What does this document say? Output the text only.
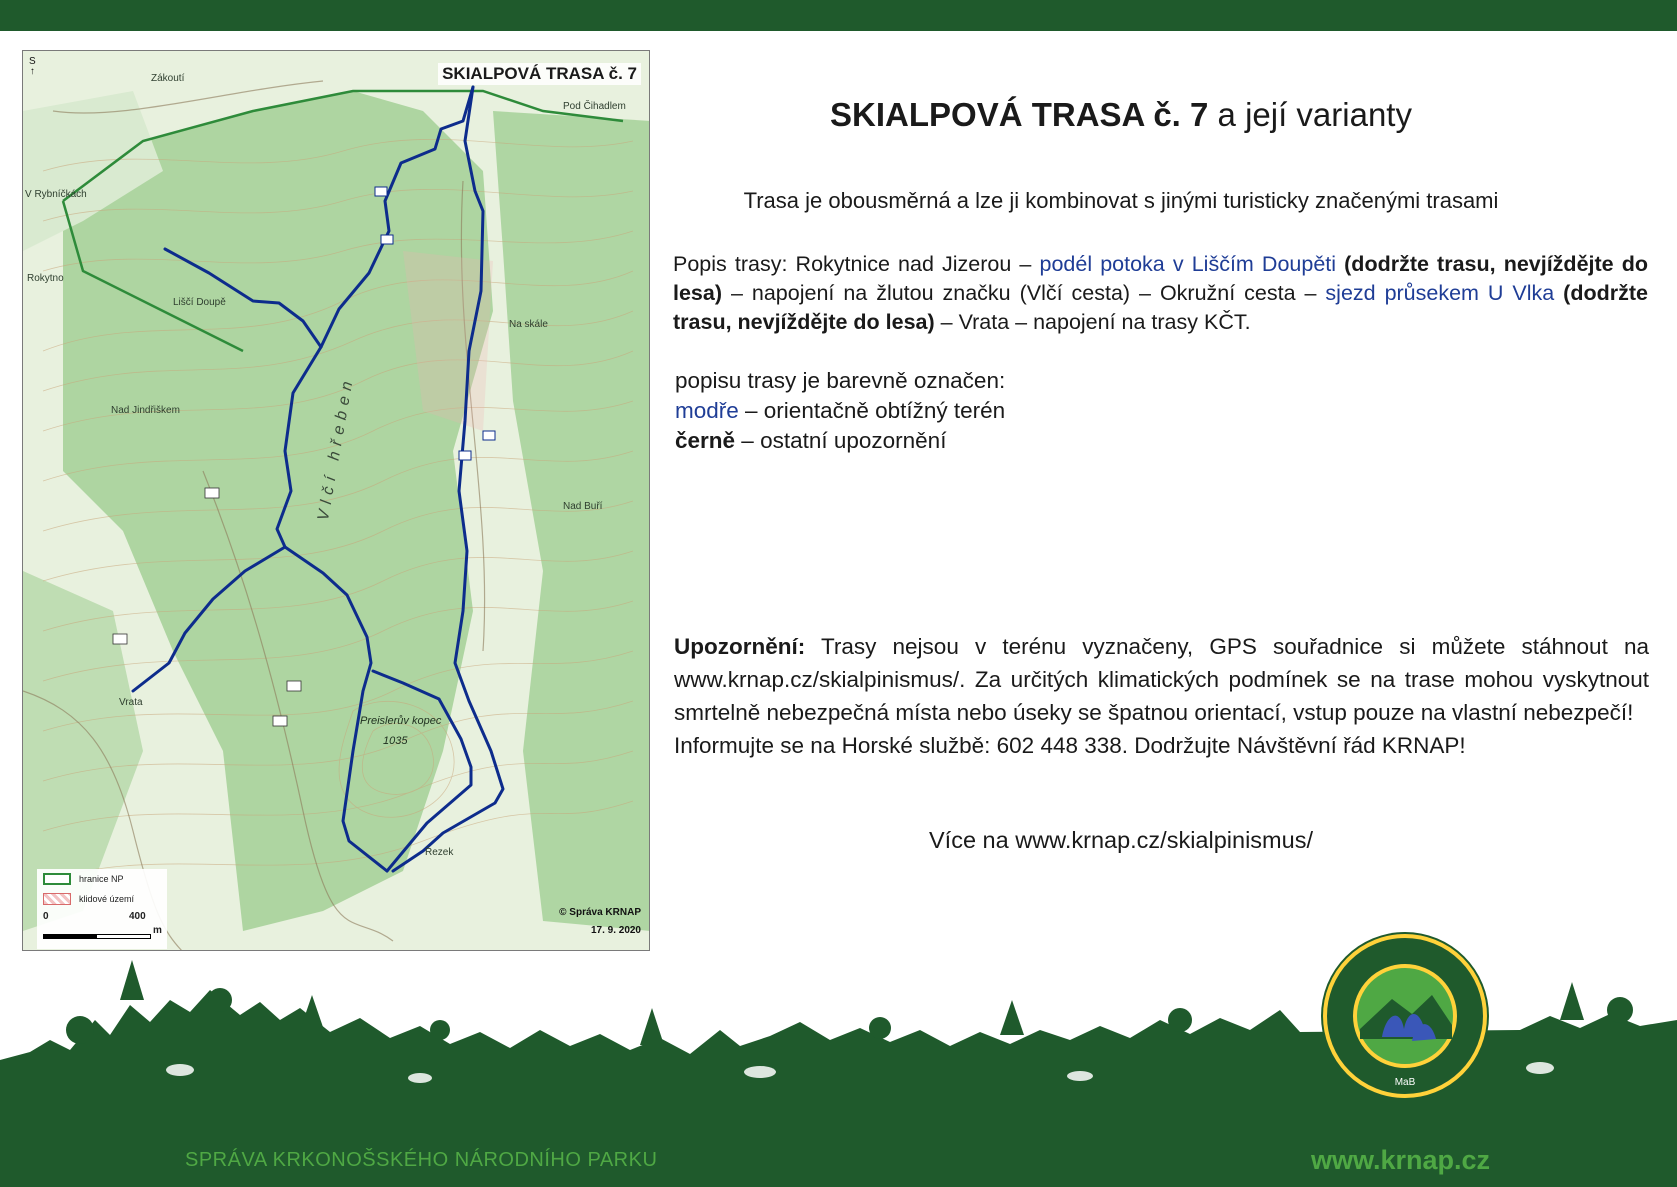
S
↑	SKIALPOVÁ TRASA č. 7
Zákoutí
V Rybníčkách
Rokytno
Liščí Doupě
Nad Jindřiškem
Vrata
Pod Čihadlem
Na skále
Nad Buří
Vlčí hřeben
Preislerův kopec
1035
Řezek
hranice NP
klidové území
0	400
m
© Správa KRNAP
17. 9. 2020
SKIALPOVÁ TRASA č. 7 a její varianty
Trasa je obousměrná a lze ji kombinovat s jinými turisticky značenými trasami
Popis trasy: Rokytnice nad Jizerou – podél potoka v Liščím Doupěti (dodržte trasu, nevjíždějte do lesa) – napojení na žlutou značku (Vlčí cesta) – Okružní cesta – sjezd průsekem U Vlka (dodržte trasu, nevjíždějte do lesa) – Vrata – napojení na trasy KČT.
popisu trasy je barevně označen:
modře – orientačně obtížný terén
černě – ostatní upozornění
Upozornění: Trasy nejsou v terénu vyznačeny, GPS souřadnice si můžete stáhnout na www.krnap.cz/skialpinismus/. Za určitých klimatických podmínek se na trase mohou vyskytnout smrtelně nebezpečná místa nebo úseky se špatnou orientací, vstup pouze na vlastní nebezpečí!
Informujte se na Horské službě: 602 448 338. Dodržujte Návštěvní řád KRNAP!
Více na www.krnap.cz/skialpinismus/
MaB
SPRÁVA KRKONOŠSKÉHO NÁRODNÍHO PARKU	www.krnap.cz
